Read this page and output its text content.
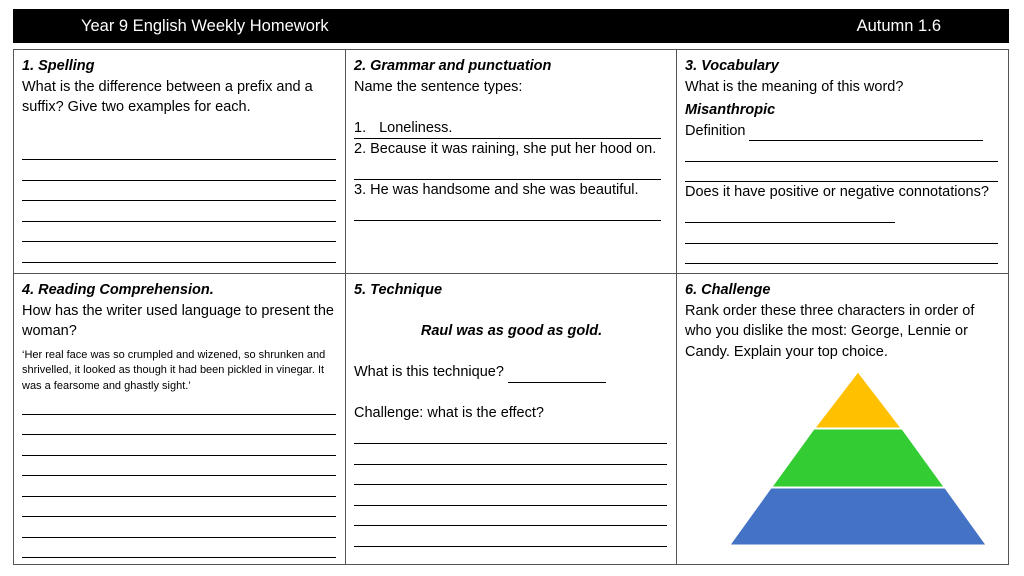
Year 9 English Weekly Homework	Autumn 1.6
1. Spelling
What is the difference between a prefix and a suffix? Give two examples for each.
2. Grammar and punctuation
Name the sentence types:
1. Loneliness.
2. Because it was raining, she put her hood on.
3. He was handsome and she was beautiful.
3. Vocabulary
What is the meaning of this word?
Misanthropic
Definition
Does it have positive or negative connotations?
4. Reading Comprehension.
How has the writer used language to present the woman?
‘Her real face was so crumpled and wizened, so shrunken and shrivelled, it looked as though it had been pickled in vinegar. It was a fearsome and ghastly sight.’
5. Technique
Raul was as good as gold.
What is this technique?
Challenge: what is the effect?
6. Challenge
Rank order these three characters in order of who you dislike the most: George, Lennie or Candy. Explain your top choice.
